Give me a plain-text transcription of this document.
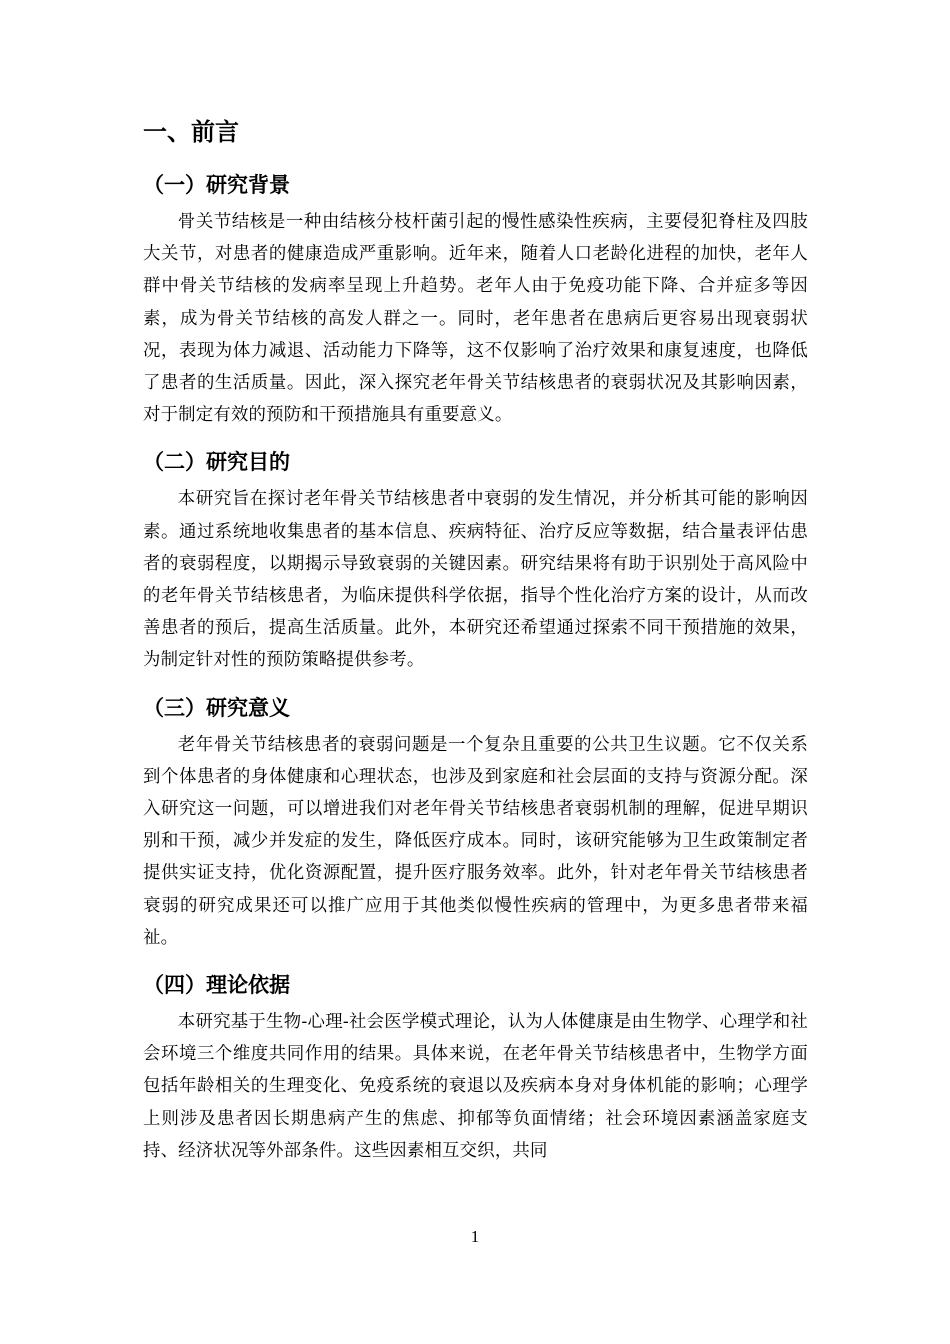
一、前言
（一）研究背景

骨关节结核是一种由结核分枝杆菌引起的慢性感染性疾病，主要侵犯脊柱及四肢大关节，对患者的健康造成严重影响。近年来，随着人口老龄化进程的加快，老年人群中骨关节结核的发病率呈现上升趋势。老年人由于免疫功能下降、合并症多等因素，成为骨关节结核的高发人群之一。同时，老年患者在患病后更容易出现衰弱状况，表现为体力减退、活动能力下降等，这不仅影响了治疗效果和康复速度，也降低了患者的生活质量。因此，深入探究老年骨关节结核患者的衰弱状况及其影响因素，对于制定有效的预防和干预措施具有重要意义。

（二）研究目的

本研究旨在探讨老年骨关节结核患者中衰弱的发生情况，并分析其可能的影响因素。通过系统地收集患者的基本信息、疾病特征、治疗反应等数据，结合量表评估患者的衰弱程度，以期揭示导致衰弱的关键因素。研究结果将有助于识别处于高风险中的老年骨关节结核患者，为临床提供科学依据，指导个性化治疗方案的设计，从而改善患者的预后，提高生活质量。此外，本研究还希望通过探索不同干预措施的效果，为制定针对性的预防策略提供参考。

（三）研究意义

老年骨关节结核患者的衰弱问题是一个复杂且重要的公共卫生议题。它不仅关系到个体患者的身体健康和心理状态，也涉及到家庭和社会层面的支持与资源分配。深入研究这一问题，可以增进我们对老年骨关节结核患者衰弱机制的理解，促进早期识别和干预，减少并发症的发生，降低医疗成本。同时，该研究能够为卫生政策制定者提供实证支持，优化资源配置，提升医疗服务效率。此外，针对老年骨关节结核患者衰弱的研究成果还可以推广应用于其他类似慢性疾病的管理中，为更多患者带来福祉。

（四）理论依据

本研究基于生物-心理-社会医学模式理论，认为人体健康是由生物学、心理学和社会环境三个维度共同作用的结果。具体来说，在老年骨关节结核患者中，生物学方面包括年龄相关的生理变化、免疫系统的衰退以及疾病本身对身体机能的影响；心理学上则涉及患者因长期患病产生的焦虑、抑郁等负面情绪；社会环境因素涵盖家庭支持、经济状况等外部条件。这些因素相互交织，共同

1
